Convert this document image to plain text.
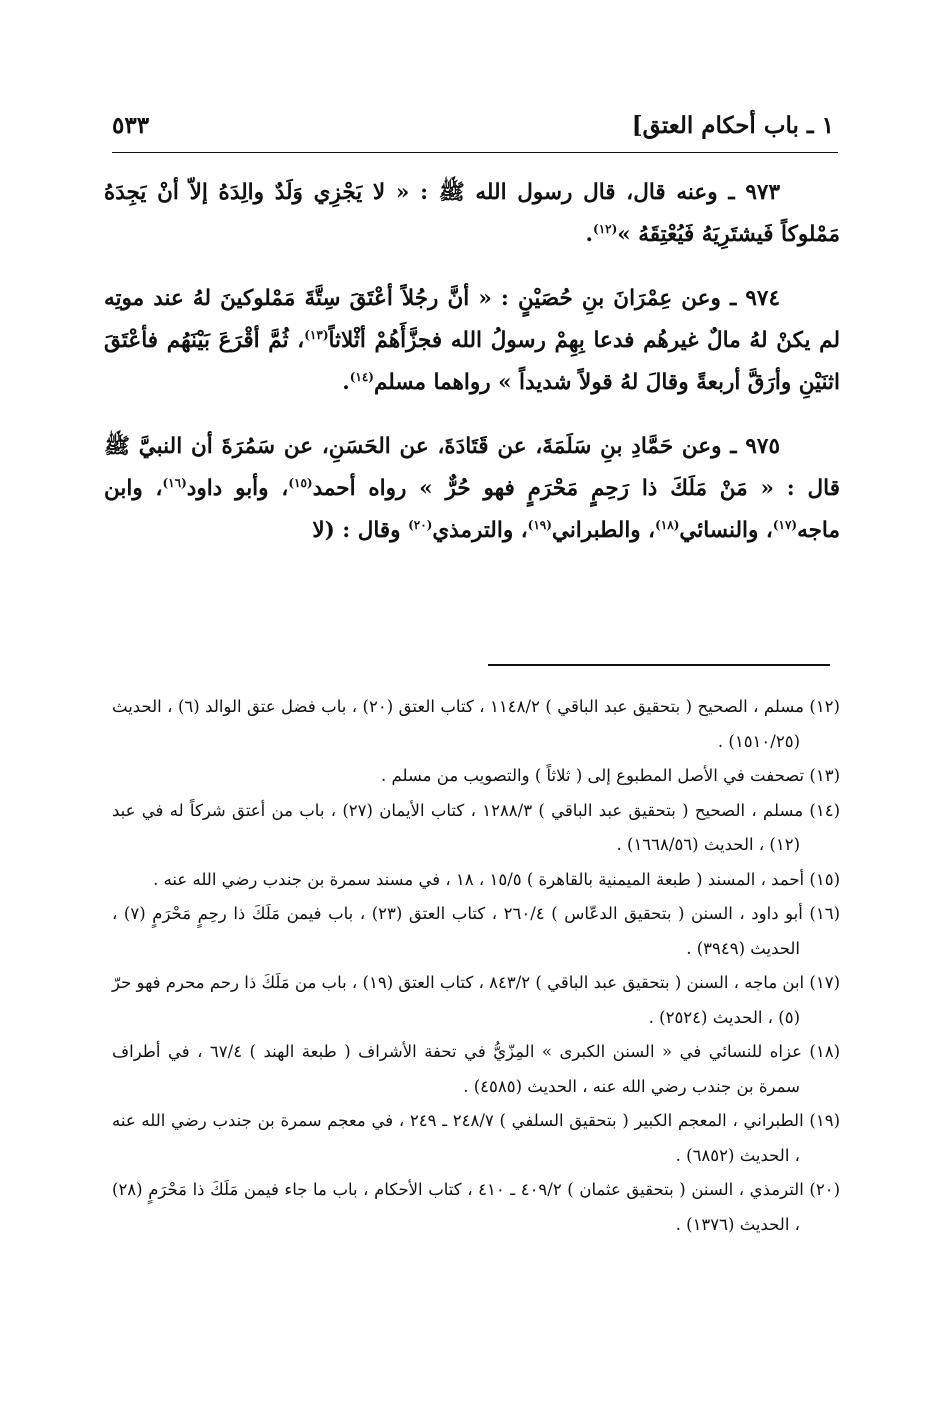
١ ـ باب أحكام العتق]
٥٣٣

٩٧٣ ـ وعنه قال، قال رسول الله ﷺ : « لا يَجْزِي وَلَدٌ والِدَهُ إلاّ أنْ يَجِدَهُ مَمْلوكاً فَيشتَرِيَهُ فَيُعْتِقَهُ »$^{(١٢)}$.

٩٧٤ ـ وعن عِمْرَانَ بنِ حُصَيْنٍ : « أنَّ رجُلاً أعْتَقَ سِتَّةَ مَمْلوكينَ لهُ عند موتِه لم يكنْ لهُ مالٌ غيرهُم فدعا بِهِمْ رسولُ الله فجزَّأَهُمْ أثْلاثاً$^{(١٣)}$، ثُمَّ أقْرَعَ بَيْنَهُم فأعْتَقَ اثنَيْنِ وأرَقَّ أربعةً وقالَ لهُ قولاً شديداً » رواهما مسلم$^{(١٤)}$.

٩٧٥ ـ وعن حَمَّادِ بنِ سَلَمَةَ، عن قَتَادَةَ، عن الحَسَنِ، عن سَمُرَةَ أن النبيَّ ﷺ قال : « مَنْ مَلَكَ ذا رَحِمٍ مَحْرَمٍ فهو حُرٌّ » رواه أحمد$^{(١٥)}$، وأبو داود$^{(١٦)}$، وابن ماجه$^{(١٧)}$، والنسائي$^{(١٨)}$، والطبراني$^{(١٩)}$، والترمذي$^{(٢٠)}$ وقال : (لا

(١٢) مسلم ، الصحيح ( بتحقيق عبد الباقي ) ١١٤٨/٢ ، كتاب العتق (٢٠) ، باب فضل عتق الوالد (٦) ، الحديث (١٥١٠/٢٥) .

(١٣) تصحفت في الأصل المطبوع إلى ( ثلاثاً ) والتصويب من مسلم .

(١٤) مسلم ، الصحيح ( بتحقيق عبد الباقي ) ١٢٨٨/٣ ، كتاب الأيمان (٢٧) ، باب من أعتق شركاً له في عبد (١٢) ، الحديث (١٦٦٨/٥٦) .

(١٥) أحمد ، المسند ( طبعة الميمنية بالقاهرة ) ١٥/٥ ، ١٨ ، في مسند سمرة بن جندب رضي الله عنه .

(١٦) أبو داود ، السنن ( بتحقيق الدعّاس ) ٢٦٠/٤ ، كتاب العتق (٢٣) ، باب فيمن مَلَكَ ذا رحِمٍ مَحْرَمٍ (٧) ، الحديث (٣٩٤٩) .

(١٧) ابن ماجه ، السنن ( بتحقيق عبد الباقي ) ٨٤٣/٢ ، كتاب العتق (١٩) ، باب من مَلَكَ ذا رحم محرم فهو حرّ (٥) ، الحديث (٢٥٢٤) .

(١٨) عزاه للنسائي في « السنن الكبرى » المِزّيُّ في تحفة الأشراف ( طبعة الهند ) ٦٧/٤ ، في أطراف سمرة بن جندب رضي الله عنه ، الحديث (٤٥٨٥) .

(١٩) الطبراني ، المعجم الكبير ( بتحقيق السلفي ) ٢٤٨/٧ ـ ٢٤٩ ، في معجم سمرة بن جندب رضي الله عنه ، الحديث (٦٨٥٢) .

(٢٠) الترمذي ، السنن ( بتحقيق عثمان ) ٤٠٩/٢ ـ ٤١٠ ، كتاب الأحكام ، باب ما جاء فيمن مَلَكَ ذا مَحْرَمٍ (٢٨) ، الحديث (١٣٧٦) .
